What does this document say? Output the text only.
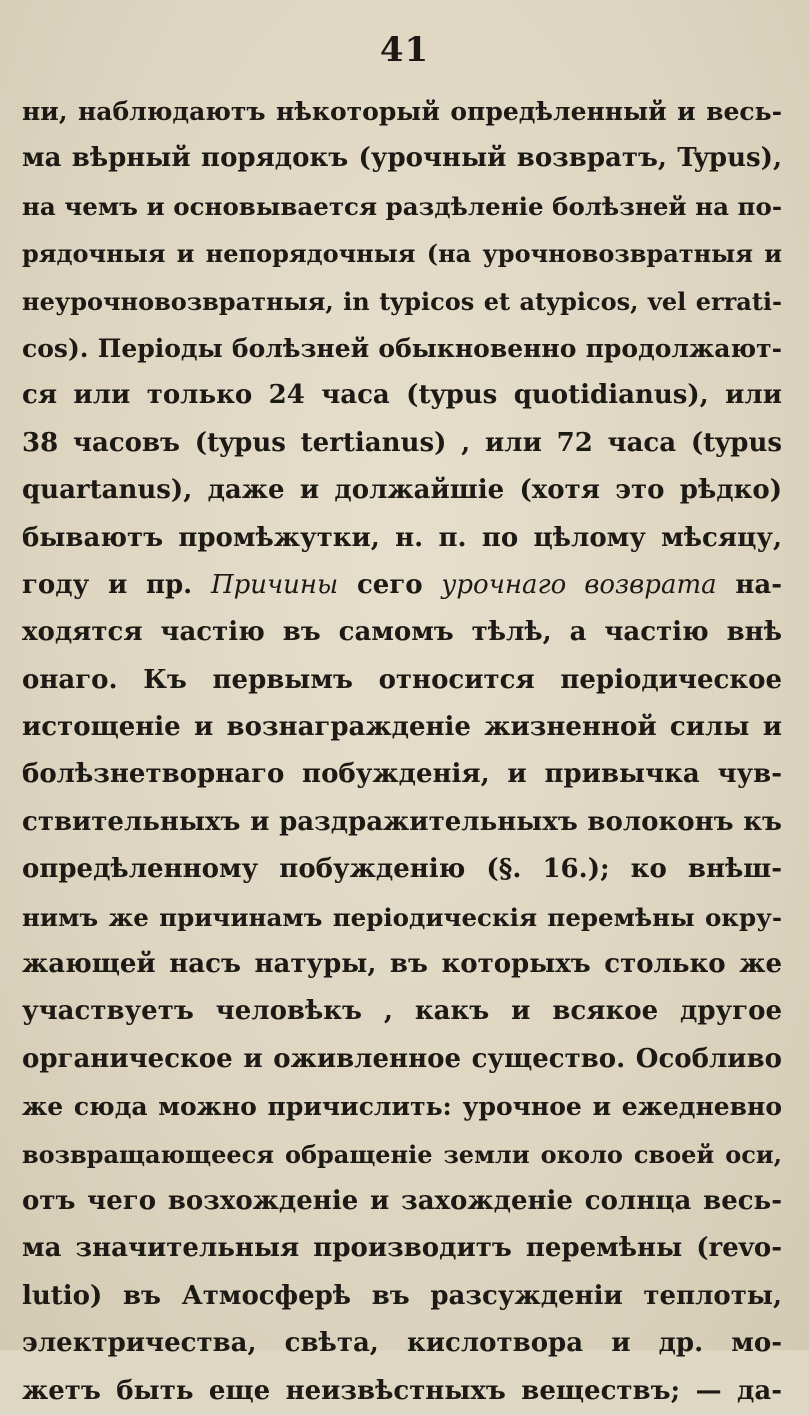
41
ни, наблюдаютъ нѣкоторый опредѣленный и весь-
ма вѣрный порядокъ (урочный возвратъ, Typus),
на чемъ и основывается раздѣленіе болѣзней на по-
рядочныя и непорядочныя (на урочновозвратныя и
неурочновозвратныя, in typicos et atypicos, vel errati-
cos). Періоды болѣзней обыкновенно продолжают-
ся или только 24 часа (typus quotidianus), или
38 часовъ (typus tertianus) , или 72 часа (typus
quartanus), даже и должайшіе (хотя это рѣдко)
бываютъ промѣжутки, н. п. по цѣлому мѣсяцу,
году и пр. Причины сего урочнаго возврата на-
ходятся частію въ самомъ тѣлѣ, а частію внѣ
онаго. Къ первымъ относится періодическое
истощеніе и вознагражденіе жизненной силы и
болѣзнетворнаго побужденія, и привычка чув-
ствительныхъ и раздражительныхъ волоконъ къ
опредѣленному побужденію (§. 16.); ко внѣш-
нимъ же причинамъ періодическія перемѣны окру-
жающей насъ натуры, въ которыхъ столько же
участвуетъ человѣкъ , какъ и всякое другое
органическое и оживленное существо. Особливо
же сюда можно причислить: урочное и ежедневно
возвращающееся обращеніе земли около своей оси,
отъ чего возхожденіе и захожденіе солнца весь-
ма значительныя производитъ перемѣны (revo-
lutio) въ Атмосферѣ въ разсужденіи теплоты,
электричества, свѣта, кислотвора и др. мо-
жетъ быть еще неизвѣстныхъ веществъ; — да-
